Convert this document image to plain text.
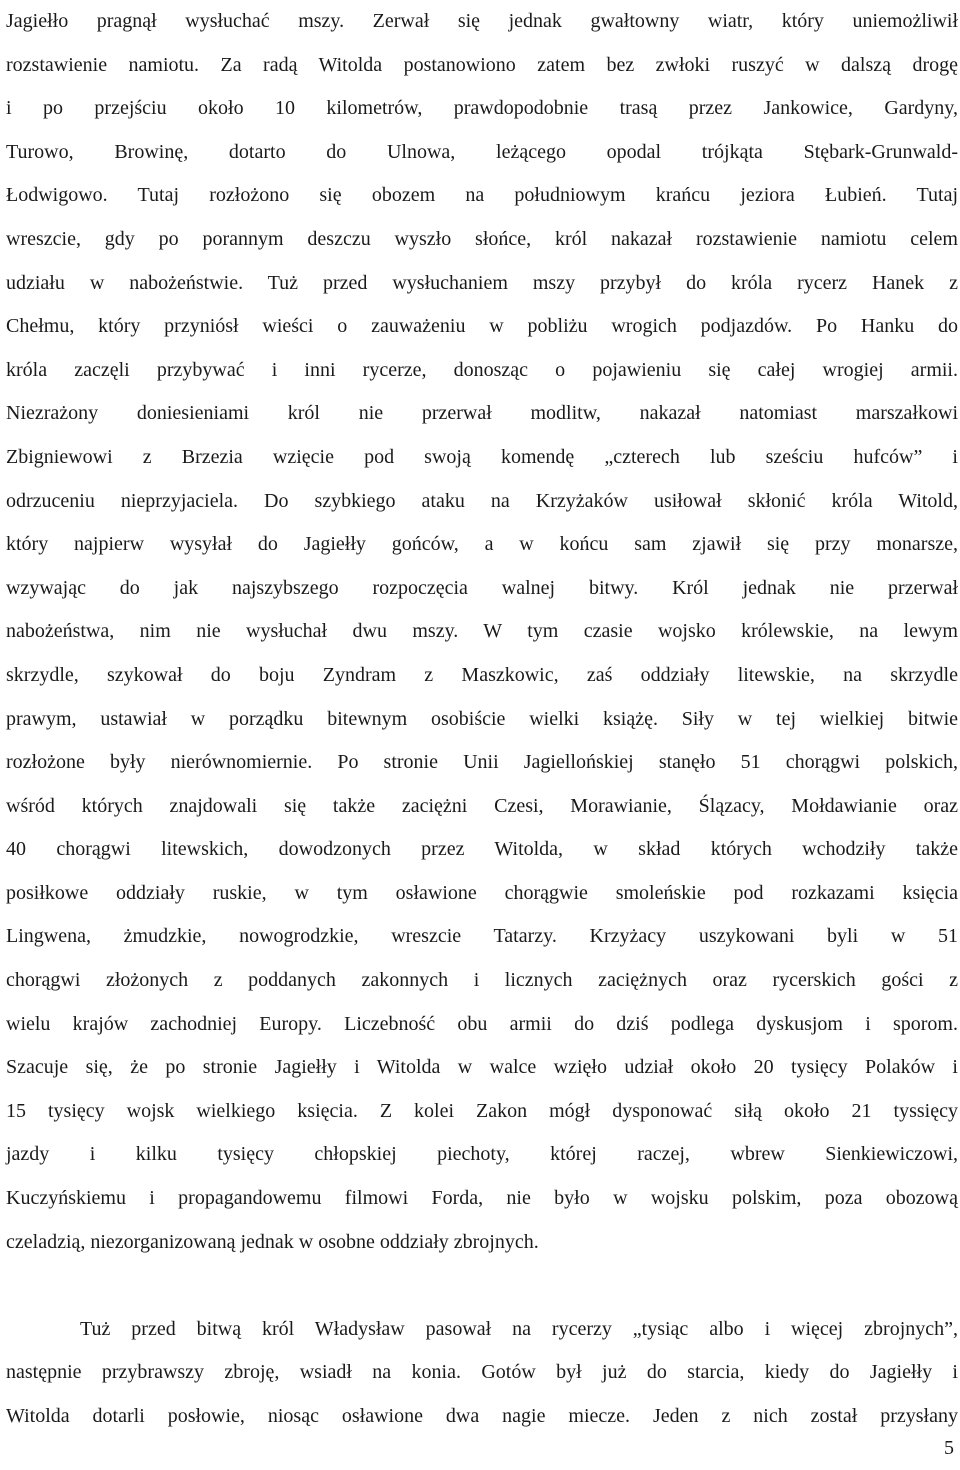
Jagiełło pragnął wysłuchać mszy. Zerwał się jednak gwałtowny wiatr, który uniemożliwił
rozstawienie namiotu. Za radą Witolda postanowiono zatem bez zwłoki ruszyć w dalszą drogę
i po przejściu około 10 kilometrów, prawdopodobnie trasą przez Jankowice, Gardyny,
Turowo, Browinę, dotarto do Ulnowa, leżącego opodal trójkąta Stębark-Grunwald-
Łodwigowo. Tutaj rozłożono się obozem na południowym krańcu jeziora Łubień. Tutaj
wreszcie, gdy po porannym deszczu wyszło słońce, król nakazał rozstawienie namiotu celem
udziału w nabożeństwie. Tuż przed wysłuchaniem mszy przybył do króla rycerz Hanek z
Chełmu, który przyniósł wieści o zauważeniu w pobliżu wrogich podjazdów. Po Hanku do
króla zaczęli przybywać i inni rycerze, donosząc o pojawieniu się całej wrogiej armii.
Niezrażony doniesieniami król nie przerwał modlitw, nakazał natomiast marszałkowi
Zbigniewowi z Brzezia wzięcie pod swoją komendę „czterech lub sześciu hufców” i
odrzuceniu nieprzyjaciela. Do szybkiego ataku na Krzyżaków usiłował skłonić króla Witold,
który najpierw wysyłał do Jagiełły gońców, a w końcu sam zjawił się przy monarsze,
wzywając do jak najszybszego rozpoczęcia walnej bitwy. Król jednak nie przerwał
nabożeństwa, nim nie wysłuchał dwu mszy. W tym czasie wojsko królewskie, na lewym
skrzydle, szykował do boju Zyndram z Maszkowic, zaś oddziały litewskie, na skrzydle
prawym, ustawiał w porządku bitewnym osobiście wielki książę. Siły w tej wielkiej bitwie
rozłożone były nierównomiernie. Po stronie Unii Jagiellońskiej stanęło 51 chorągwi polskich,
wśród których znajdowali się także zaciężni Czesi, Morawianie, Ślązacy, Mołdawianie oraz
40 chorągwi litewskich, dowodzonych przez Witolda, w skład których wchodziły także
posiłkowe oddziały ruskie, w tym osławione chorągwie smoleńskie pod rozkazami księcia
Lingwena, żmudzkie, nowogrodzkie, wreszcie Tatarzy. Krzyżacy uszykowani byli w 51
chorągwi złożonych z poddanych zakonnych i licznych zaciężnych oraz rycerskich gości z
wielu krajów zachodniej Europy. Liczebność obu armii do dziś podlega dyskusjom i sporom.
Szacuje się, że po stronie Jagiełły i Witolda w walce wzięło udział około 20 tysięcy Polaków i
15 tysięcy wojsk wielkiego księcia. Z kolei Zakon mógł dysponować siłą około 21 tyssięcy
jazdy i kilku tysięcy chłopskiej piechoty, której raczej, wbrew Sienkiewiczowi,
Kuczyńskiemu i propagandowemu filmowi Forda, nie było w wojsku polskim, poza obozową
czeladzią, niezorganizowaną jednak w osobne oddziały zbrojnych.
Tuż przed bitwą król Władysław pasował na rycerzy „tysiąc albo i więcej zbrojnych”,
następnie przybrawszy zbroję, wsiadł na konia. Gotów był już do starcia, kiedy do Jagiełły i
Witolda dotarli posłowie, niosąc osławione dwa nagie miecze. Jeden z nich został przysłany
5
